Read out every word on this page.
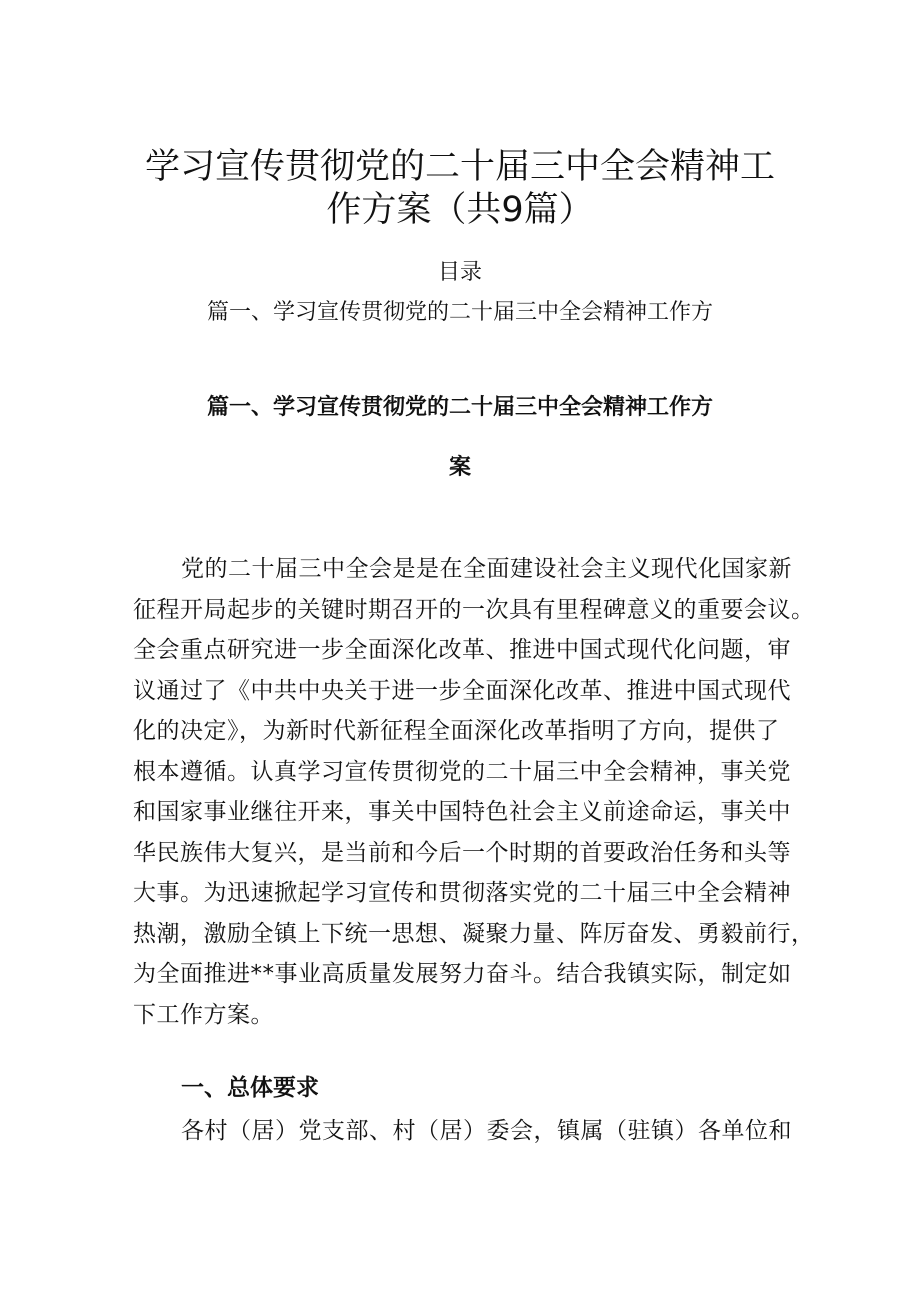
学习宣传贯彻党的二十届三中全会精神工
作方案（共9篇）
目录
篇一、学习宣传贯彻党的二十届三中全会精神工作方
篇一、学习宣传贯彻党的二十届三中全会精神工作方
案
党的二十届三中全会是是在全面建设社会主义现代化国家新
征程开局起步的关键时期召开的一次具有里程碑意义的重要会议。
全会重点研究进一步全面深化改革、推进中国式现代化问题，审
议通过了《中共中央关于进一步全面深化改革、推进中国式现代
化的决定》，为新时代新征程全面深化改革指明了方向，提供了
根本遵循。认真学习宣传贯彻党的二十届三中全会精神，事关党
和国家事业继往开来，事关中国特色社会主义前途命运，事关中
华民族伟大复兴，是当前和今后一个时期的首要政治任务和头等
大事。为迅速掀起学习宣传和贯彻落实党的二十届三中全会精神
热潮，激励全镇上下统一思想、凝聚力量、阵厉奋发、勇毅前行，
为全面推进**事业高质量发展努力奋斗。结合我镇实际，制定如
下工作方案。
一、总体要求
各村（居）党支部、村（居）委会，镇属（驻镇）各单位和
